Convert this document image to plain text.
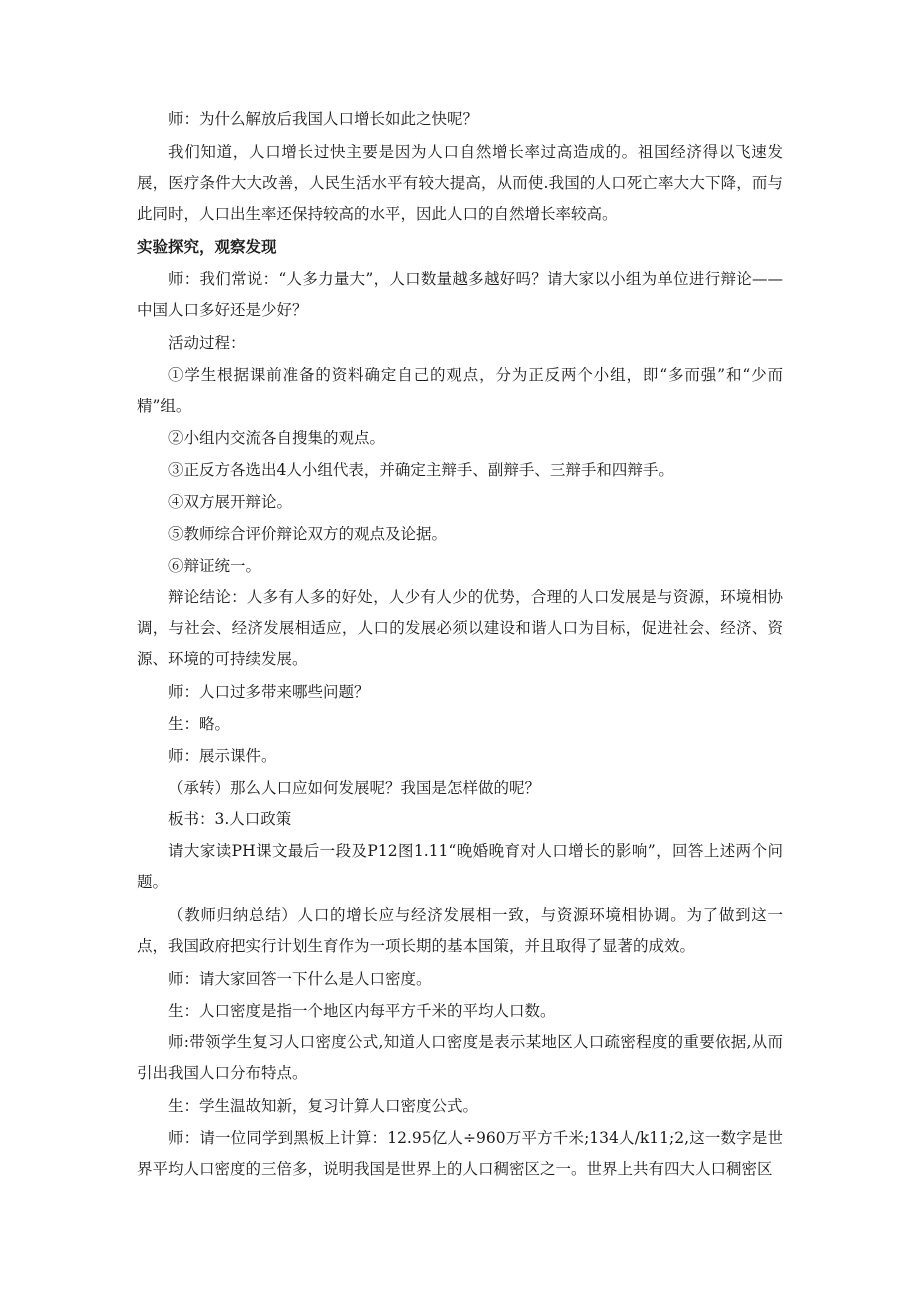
师：为什么解放后我国人口增长如此之快呢？

我们知道，人口增长过快主要是因为人口自然增长率过高造成的。祖国经济得以飞速发展，医疗条件大大改善，人民生活水平有较大提高，从而使.我国的人口死亡率大大下降，而与此同时，人口出生率还保持较高的水平，因此人口的自然增长率较高。

实验探究，观察发现

师：我们常说：“人多力量大”，人口数量越多越好吗？请大家以小组为单位进行辩论——中国人口多好还是少好？

活动过程：

①学生根据课前准备的资料确定自己的观点，分为正反两个小组，即“多而强”和“少而精”组。

②小组内交流各自搜集的观点。

③正反方各选出4人小组代表，并确定主辩手、副辩手、三辩手和四辩手。

④双方展开辩论。

⑤教师综合评价辩论双方的观点及论据。

⑥辩证统一。

辩论结论：人多有人多的好处，人少有人少的优势，合理的人口发展是与资源，环境相协调，与社会、经济发展相适应，人口的发展必须以建设和谐人口为目标，促进社会、经济、资源、环境的可持续发展。

师：人口过多带来哪些问题？

生：略。

师：展示课件。

（承转）那么人口应如何发展呢？我国是怎样做的呢？

板书：3.人口政策

请大家读PH课文最后一段及P12图1.11“晚婚晚育对人口增长的影响”，回答上述两个问题。

（教师归纳总结）人口的增长应与经济发展相一致，与资源环境相协调。为了做到这一点，我国政府把实行计划生育作为一项长期的基本国策，并且取得了显著的成效。

师：请大家回答一下什么是人口密度。

生：人口密度是指一个地区内每平方千米的平均人口数。

师:带领学生复习人口密度公式,知道人口密度是表示某地区人口疏密程度的重要依据,从而引出我国人口分布特点。

生：学生温故知新，复习计算人口密度公式。

师：请一位同学到黑板上计算：12.95亿人÷960万平方千米;134人/k11;2,这一数字是世界平均人口密度的三倍多，说明我国是世界上的人口稠密区之一。世界上共有四大人口稠密区
